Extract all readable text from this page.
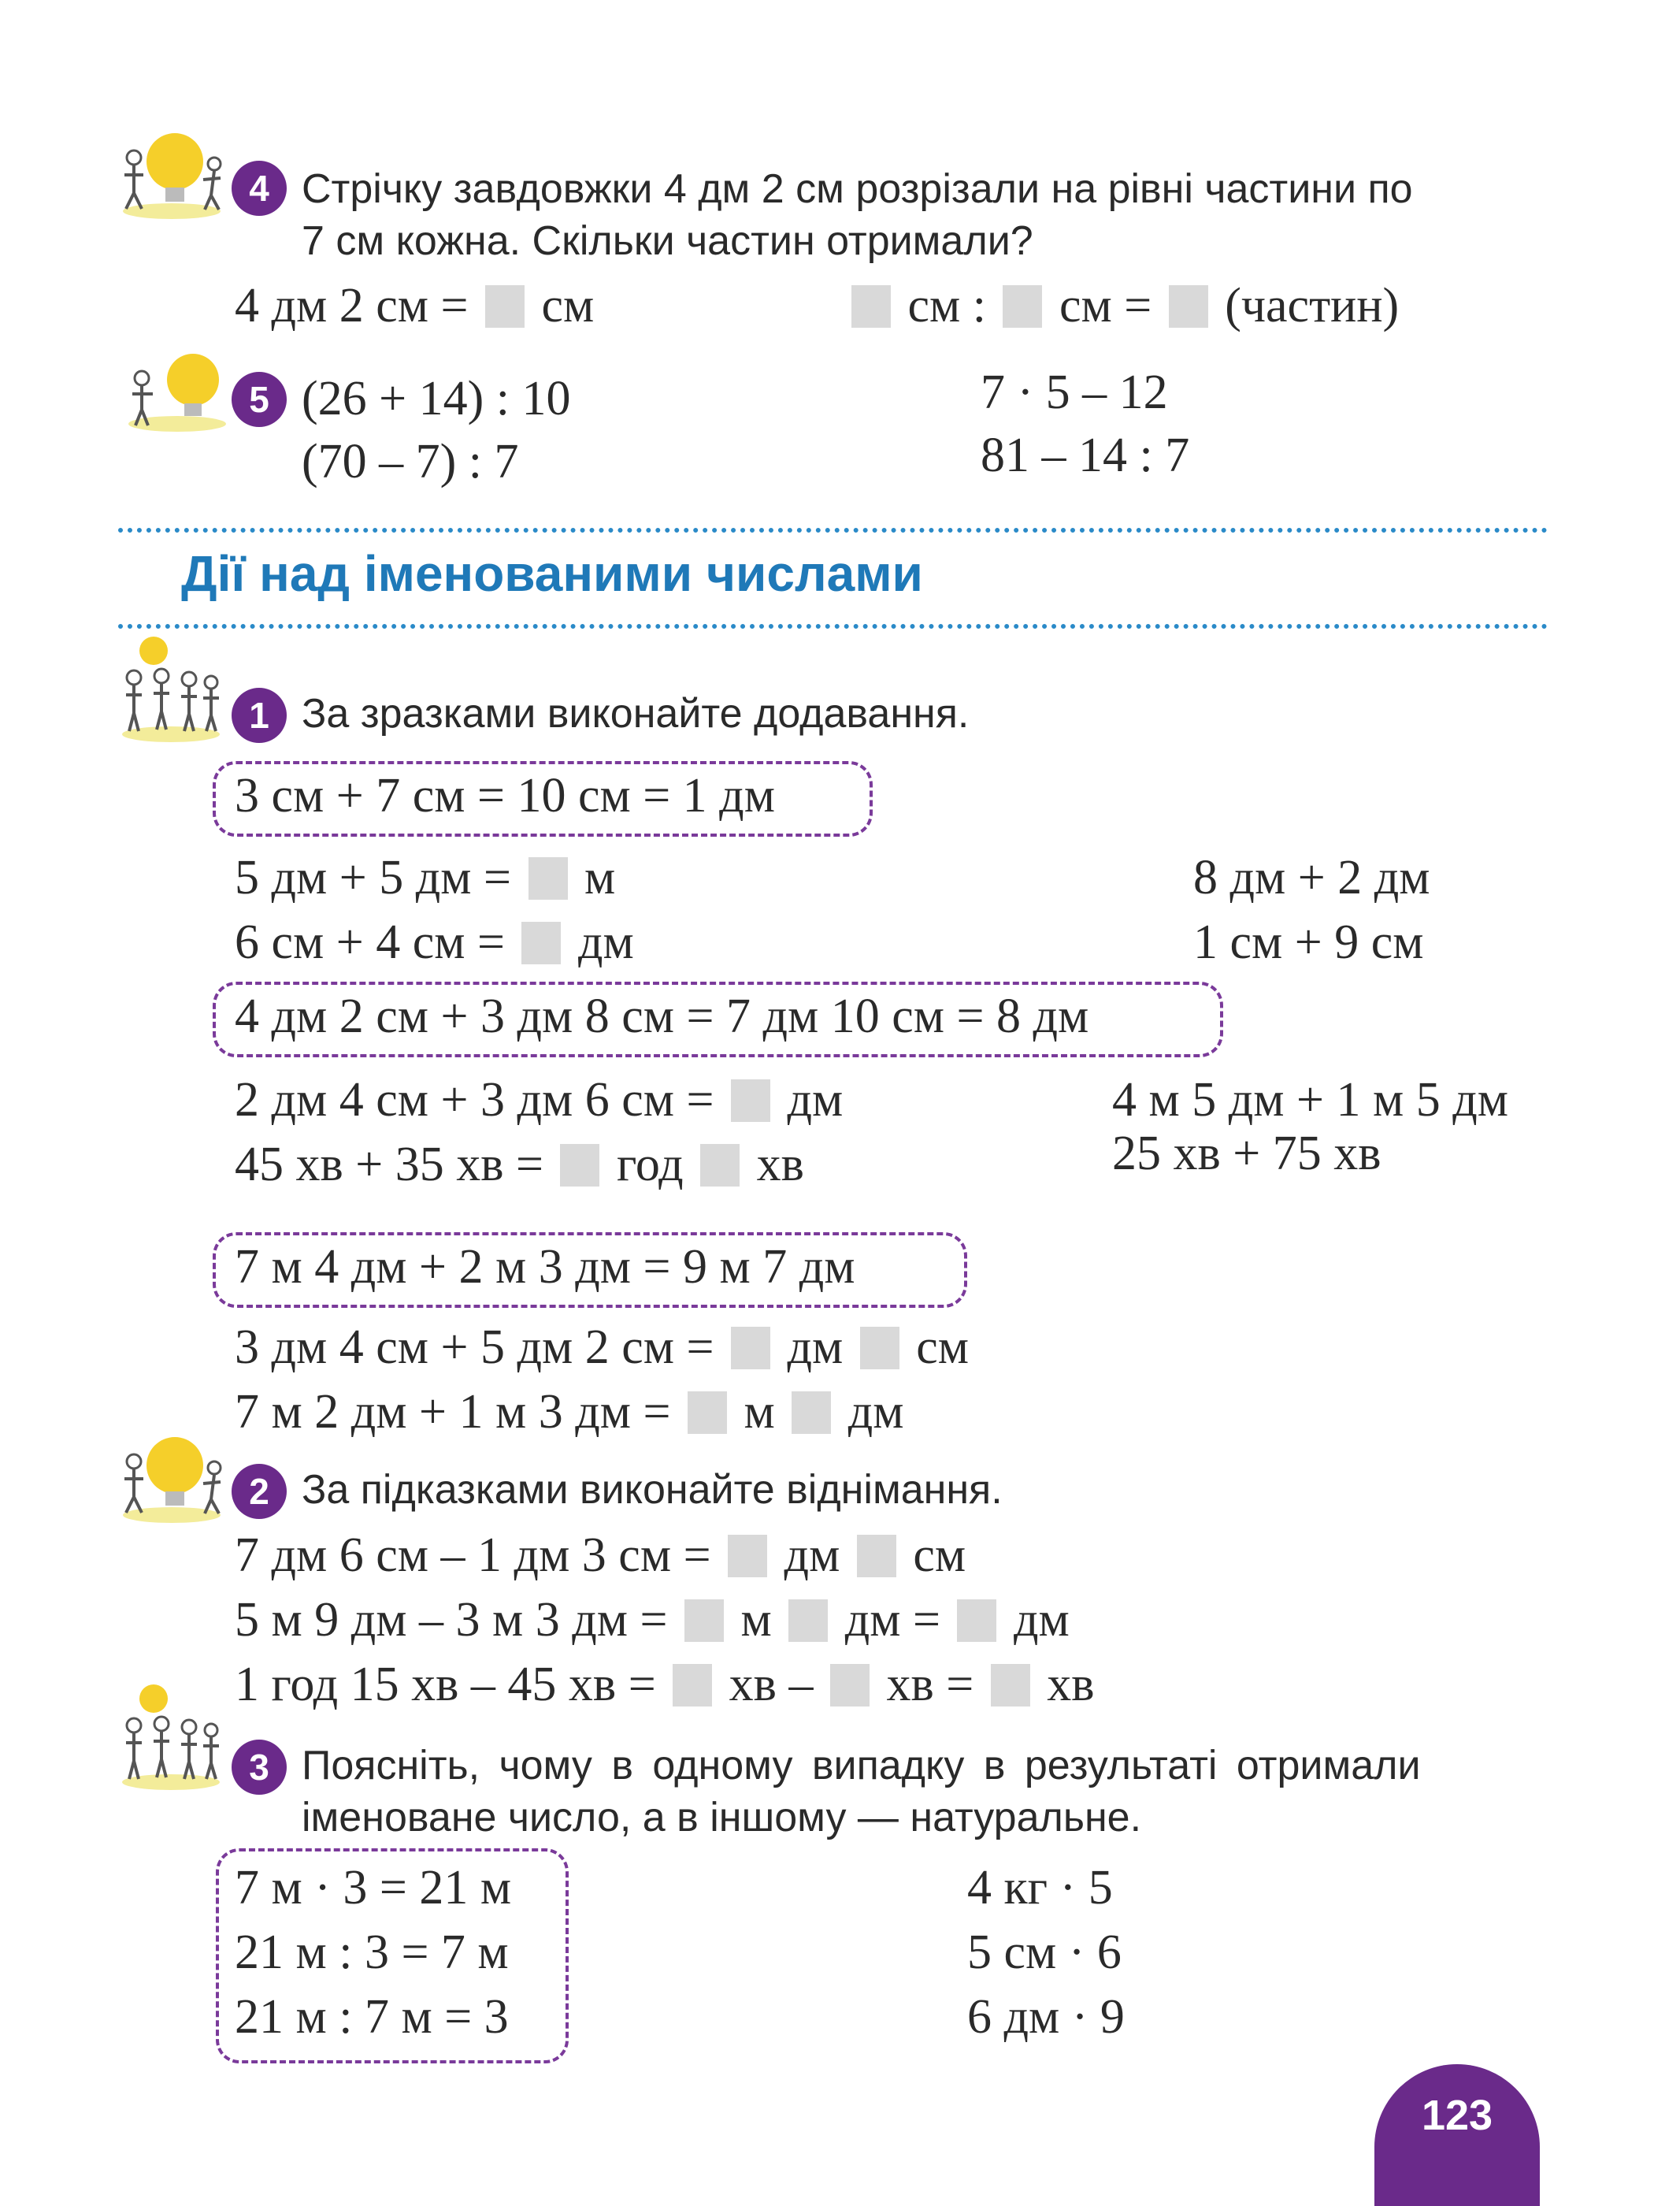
4 Стрічку завдовжки 4 дм 2 см розрізали на рівні частини по
7 см кожна. Скільки частин отримали?
4 дм 2 см = см	см : см = (частин)
5 (26 + 14) : 10
(70 – 7) : 7
7 · 5 – 12
81 – 14 : 7
Дії над іменованими числами
1 За зразками виконайте додавання.
3 см + 7 см = 10 см = 1 дм
5 дм + 5 дм = м
6 см + 4 см = дм
8 дм + 2 дм
1 см + 9 см
4 дм 2 см + 3 дм 8 см = 7 дм 10 см = 8 дм
2 дм 4 см + 3 дм 6 см = дм
45 хв + 35 хв = год хв
4 м 5 дм + 1 м 5 дм
25 хв + 75 хв
7 м 4 дм + 2 м 3 дм = 9 м 7 дм
3 дм 4 см + 5 дм 2 см = дм см
7 м 2 дм + 1 м 3 дм = м дм
2 За підказками виконайте віднімання.
7 дм 6 см – 1 дм 3 см = дм см
5 м 9 дм – 3 м 3 дм = м дм = дм
1 год 15 хв – 45 хв = хв – хв = хв
3 Поясніть, чому в одному випадку в результаті отримали
іменоване число, а в іншому — натуральне.
7 м · 3 = 21 м
21 м : 3 = 7 м
21 м : 7 м = 3
4 кг · 5
5 см · 6
6 дм · 9
123
